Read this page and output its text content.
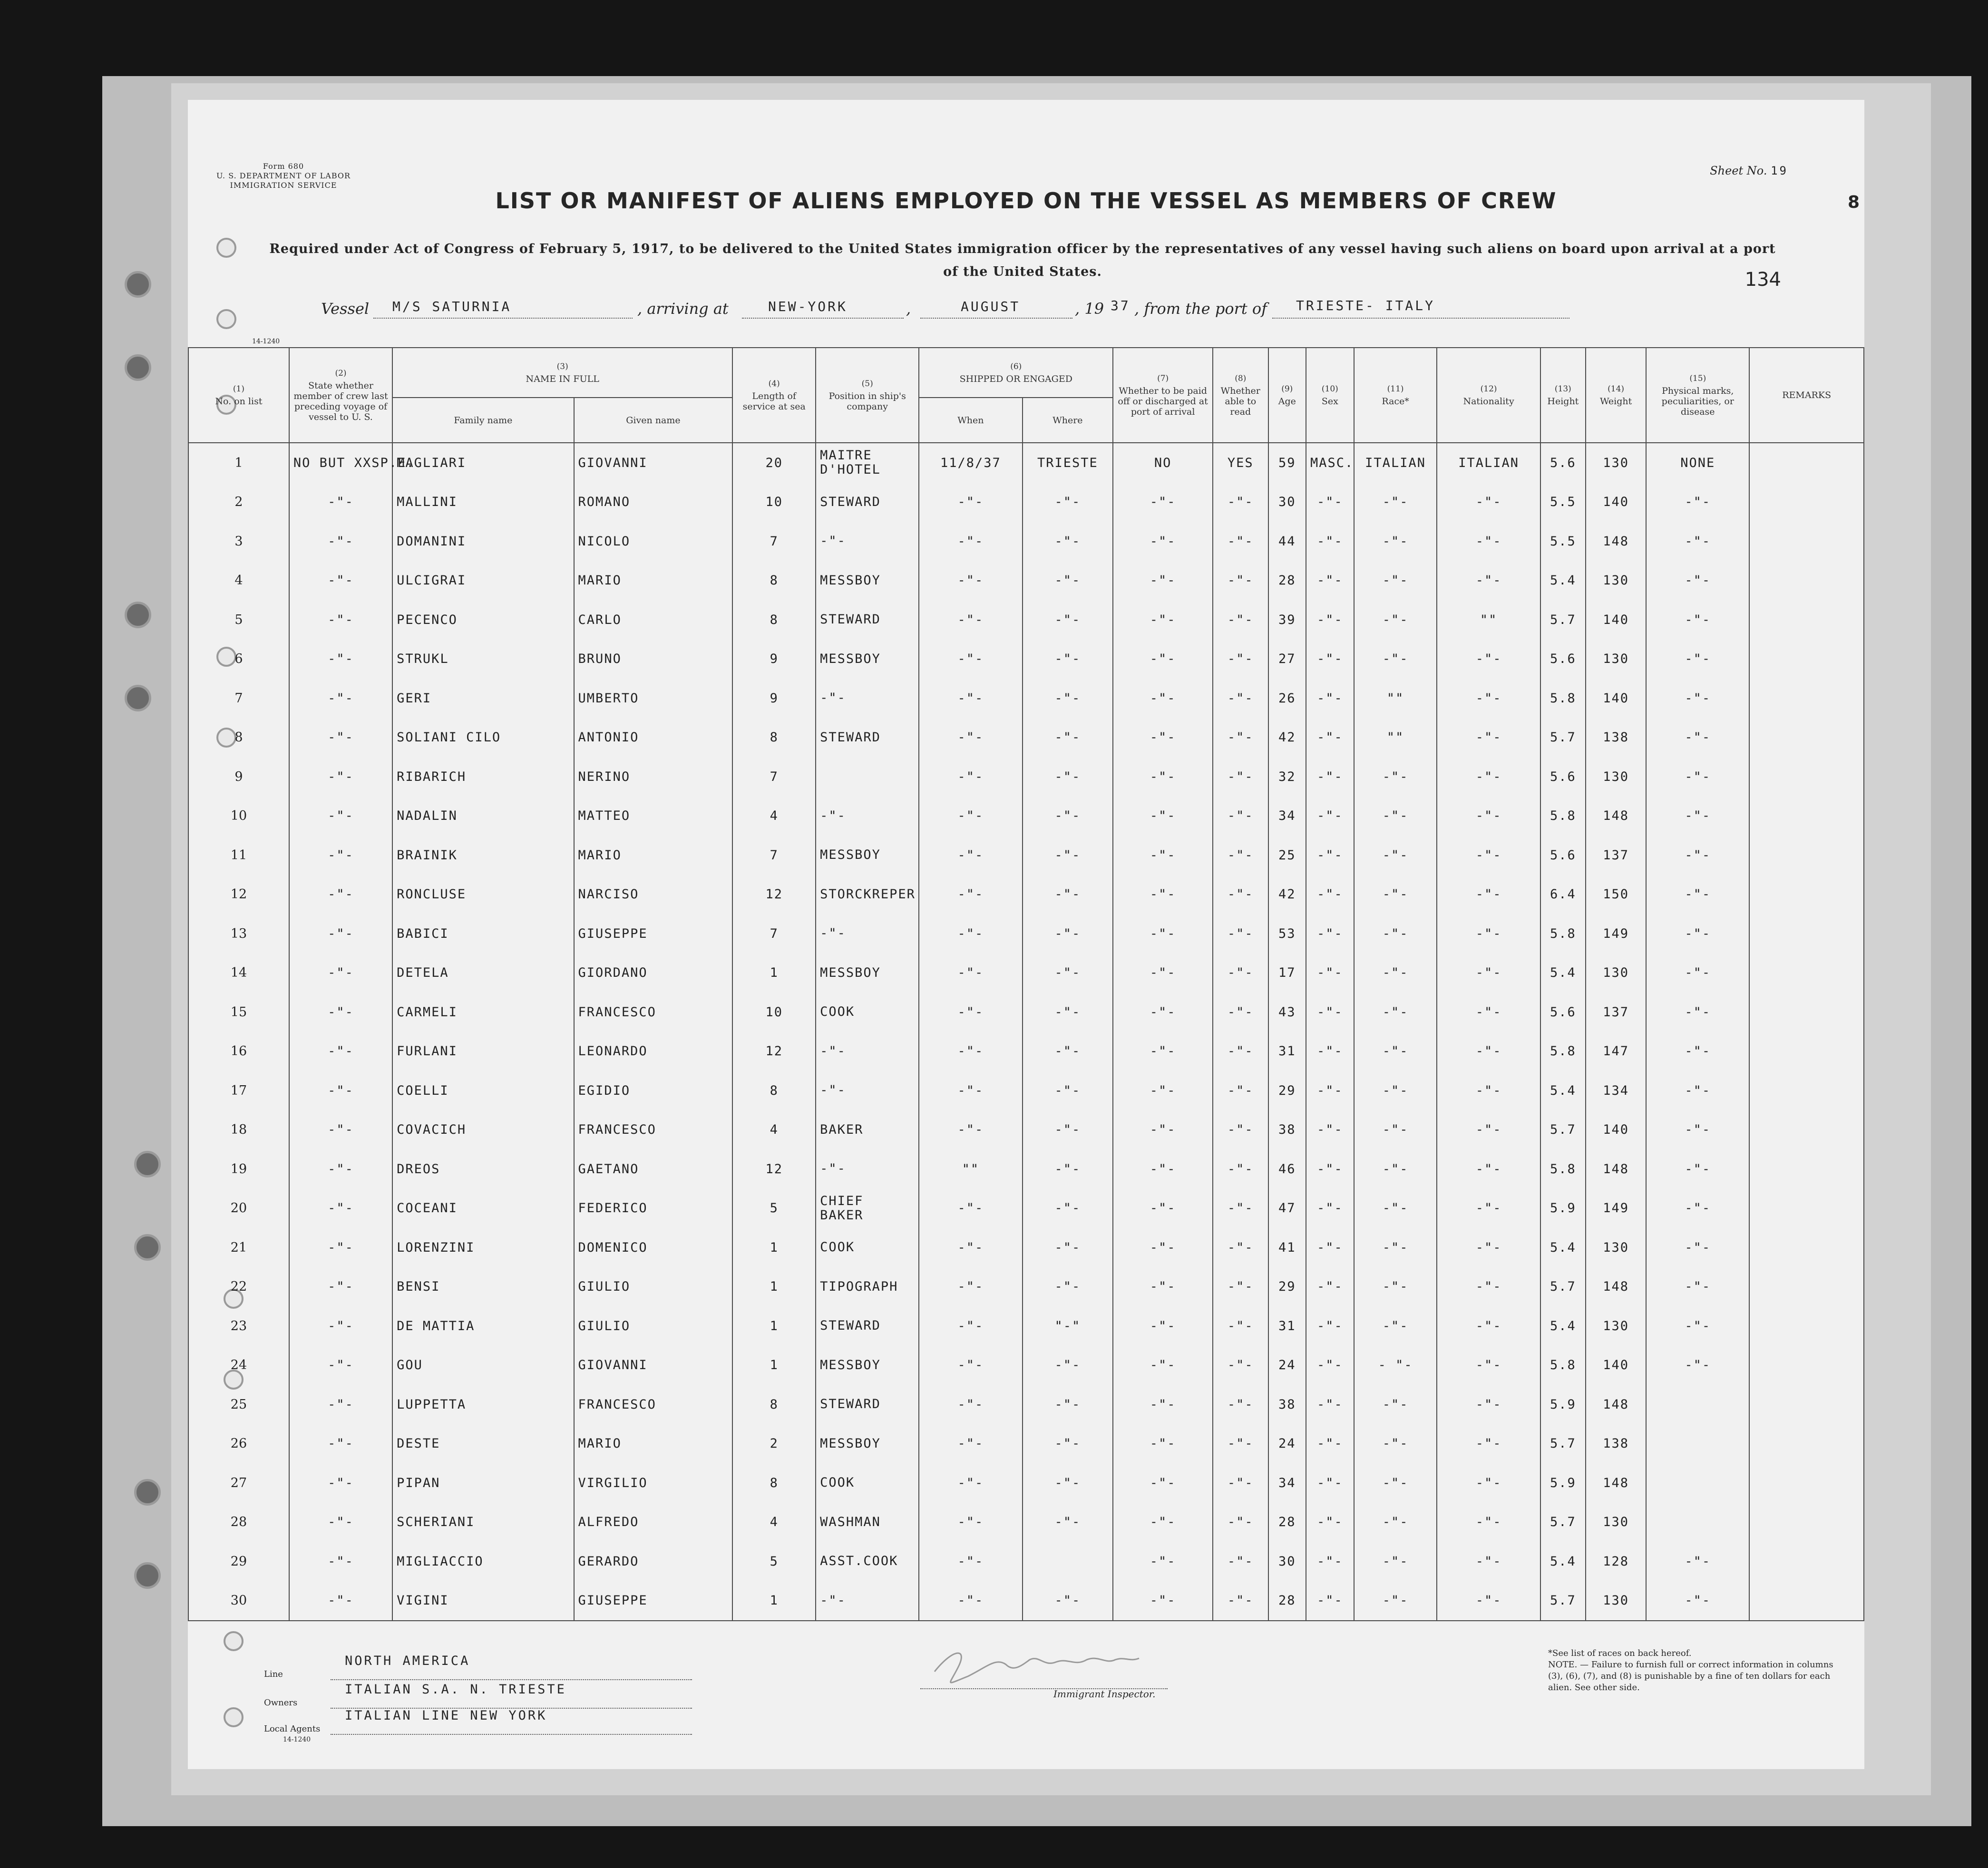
Form 680
U. S. DEPARTMENT OF LABOR
IMMIGRATION SERVICE
Sheet No. 19
8
LIST OR MANIFEST OF ALIENS EMPLOYED ON THE VESSEL AS MEMBERS OF CREW
Required under Act of Congress of February 5, 1917, to be delivered to the United States immigration officer by the representatives of any vessel having such aliens on board upon arrival at a port of the United States.	134
Vessel M/S SATURNIA	, arriving at	NEW-YORK	,	AUGUST	, 19 37 , from the port of TRIESTE- ITALY
14-1240
(1)
No. on list	(2)
State whether member of crew last preceding voyage of vessel to U. S.	(3)
NAME IN FULL		(4)
Length of service at sea	(5)
Position in ship's company	(6)
SHIPPED OR ENGAGED		(7)
Whether to be paid off or discharged at port of arrival	(8)
Whether able to read	(9)
Age	(10)
Sex	(11)
Race*	(12)
Nationality	(13)
Height	(14)
Weight	(15)
Physical marks, peculiarities, or disease	REMARKS
		Family name	Given name			When	Where										
1	NO BUT XXSP.E.	MAGLIARI	GIOVANNI	20	MAITRE D'HOTEL	11/8/37	TRIESTE	NO	YES	59	MASC.	ITALIAN	ITALIAN	5.6	130	NONE	
2	-"-	MALLINI	ROMANO	10	STEWARD	-"-	-"-	-"-	-"-	30	-"-	-"-	-"-	5.5	140	-"-	
3	-"-	DOMANINI	NICOLO	7	-"-	-"-	-"-	-"-	-"-	44	-"-	-"-	-"-	5.5	148	-"-	
4	-"-	ULCIGRAI	MARIO	8	MESSBOY	-"-	-"-	-"-	-"-	28	-"-	-"-	-"-	5.4	130	-"-	
5	-"-	PECENCO	CARLO	8	STEWARD	-"-	-"-	-"-	-"-	39	-"-	-"-	""	5.7	140	-"-	
6	-"-	STRUKL	BRUNO	9	MESSBOY	-"-	-"-	-"-	-"-	27	-"-	-"-	-"-	5.6	130	-"-	
7	-"-	GERI	UMBERTO	9	-"-	-"-	-"-	-"-	-"-	26	-"-	""	-"-	5.8	140	-"-	
8	-"-	SOLIANI CILO	ANTONIO	8	STEWARD	-"-	-"-	-"-	-"-	42	-"-	""	-"-	5.7	138	-"-	
9	-"-	RIBARICH	NERINO	7		-"-	-"-	-"-	-"-	32	-"-	-"-	-"-	5.6	130	-"-	
10	-"-	NADALIN	MATTEO	4	-"-	-"-	-"-	-"-	-"-	34	-"-	-"-	-"-	5.8	148	-"-	
11	-"-	BRAINIK	MARIO	7	MESSBOY	-"-	-"-	-"-	-"-	25	-"-	-"-	-"-	5.6	137	-"-	
12	-"-	RONCLUSE	NARCISO	12	STORCKREPER	-"-	-"-	-"-	-"-	42	-"-	-"-	-"-	6.4	150	-"-	
13	-"-	BABICI	GIUSEPPE	7	-"-	-"-	-"-	-"-	-"-	53	-"-	-"-	-"-	5.8	149	-"-	
14	-"-	DETELA	GIORDANO	1	MESSBOY	-"-	-"-	-"-	-"-	17	-"-	-"-	-"-	5.4	130	-"-	
15	-"-	CARMELI	FRANCESCO	10	COOK	-"-	-"-	-"-	-"-	43	-"-	-"-	-"-	5.6	137	-"-	
16	-"-	FURLANI	LEONARDO	12	-"-	-"-	-"-	-"-	-"-	31	-"-	-"-	-"-	5.8	147	-"-	
17	-"-	COELLI	EGIDIO	8	-"-	-"-	-"-	-"-	-"-	29	-"-	-"-	-"-	5.4	134	-"-	
18	-"-	COVACICH	FRANCESCO	4	BAKER	-"-	-"-	-"-	-"-	38	-"-	-"-	-"-	5.7	140	-"-	
19	-"-	DREOS	GAETANO	12	-"-	""	-"-	-"-	-"-	46	-"-	-"-	-"-	5.8	148	-"-	
20	-"-	COCEANI	FEDERICO	5	CHIEF BAKER	-"-	-"-	-"-	-"-	47	-"-	-"-	-"-	5.9	149	-"-	
21	-"-	LORENZINI	DOMENICO	1	COOK	-"-	-"-	-"-	-"-	41	-"-	-"-	-"-	5.4	130	-"-	
22	-"-	BENSI	GIULIO	1	TIPOGRAPH	-"-	-"-	-"-	-"-	29	-"-	-"-	-"-	5.7	148	-"-	
23	-"-	DE MATTIA	GIULIO	1	STEWARD	-"-	"-"	-"-	-"-	31	-"-	-"-	-"-	5.4	130	-"-	
24	-"-	GOU	GIOVANNI	1	MESSBOY	-"-	-"-	-"-	-"-	24	-"-	- "-	-"-	5.8	140	-"-	
25	-"-	LUPPETTA	FRANCESCO	8	STEWARD	-"-	-"-	-"-	-"-	38	-"-	-"-	-"-	5.9	148		
26	-"-	DESTE	MARIO	2	MESSBOY	-"-	-"-	-"-	-"-	24	-"-	-"-	-"-	5.7	138		
27	-"-	PIPAN	VIRGILIO	8	COOK	-"-	-"-	-"-	-"-	34	-"-	-"-	-"-	5.9	148		
28	-"-	SCHERIANI	ALFREDO	4	WASHMAN	-"-	-"-	-"-	-"-	28	-"-	-"-	-"-	5.7	130		
29	-"-	MIGLIACCIO	GERARDO	5	ASST.COOK	-"-		-"-	-"-	30	-"-	-"-	-"-	5.4	128	-"-	
30	-"-	VIGINI	GIUSEPPE	1	-"-	-"-	-"-	-"-	-"-	28	-"-	-"-	-"-	5.7	130	-"-	
Line
NORTH AMERICA
Owners
ITALIAN S.A. N. TRIESTE
Local Agents
ITALIAN LINE NEW YORK
14-1240
Immigrant Inspector.
*See list of races on back hereof.
NOTE. — Failure to furnish full or correct information in columns (3), (6), (7), and (8) is punishable by a fine of ten dollars for each alien. See other side.
